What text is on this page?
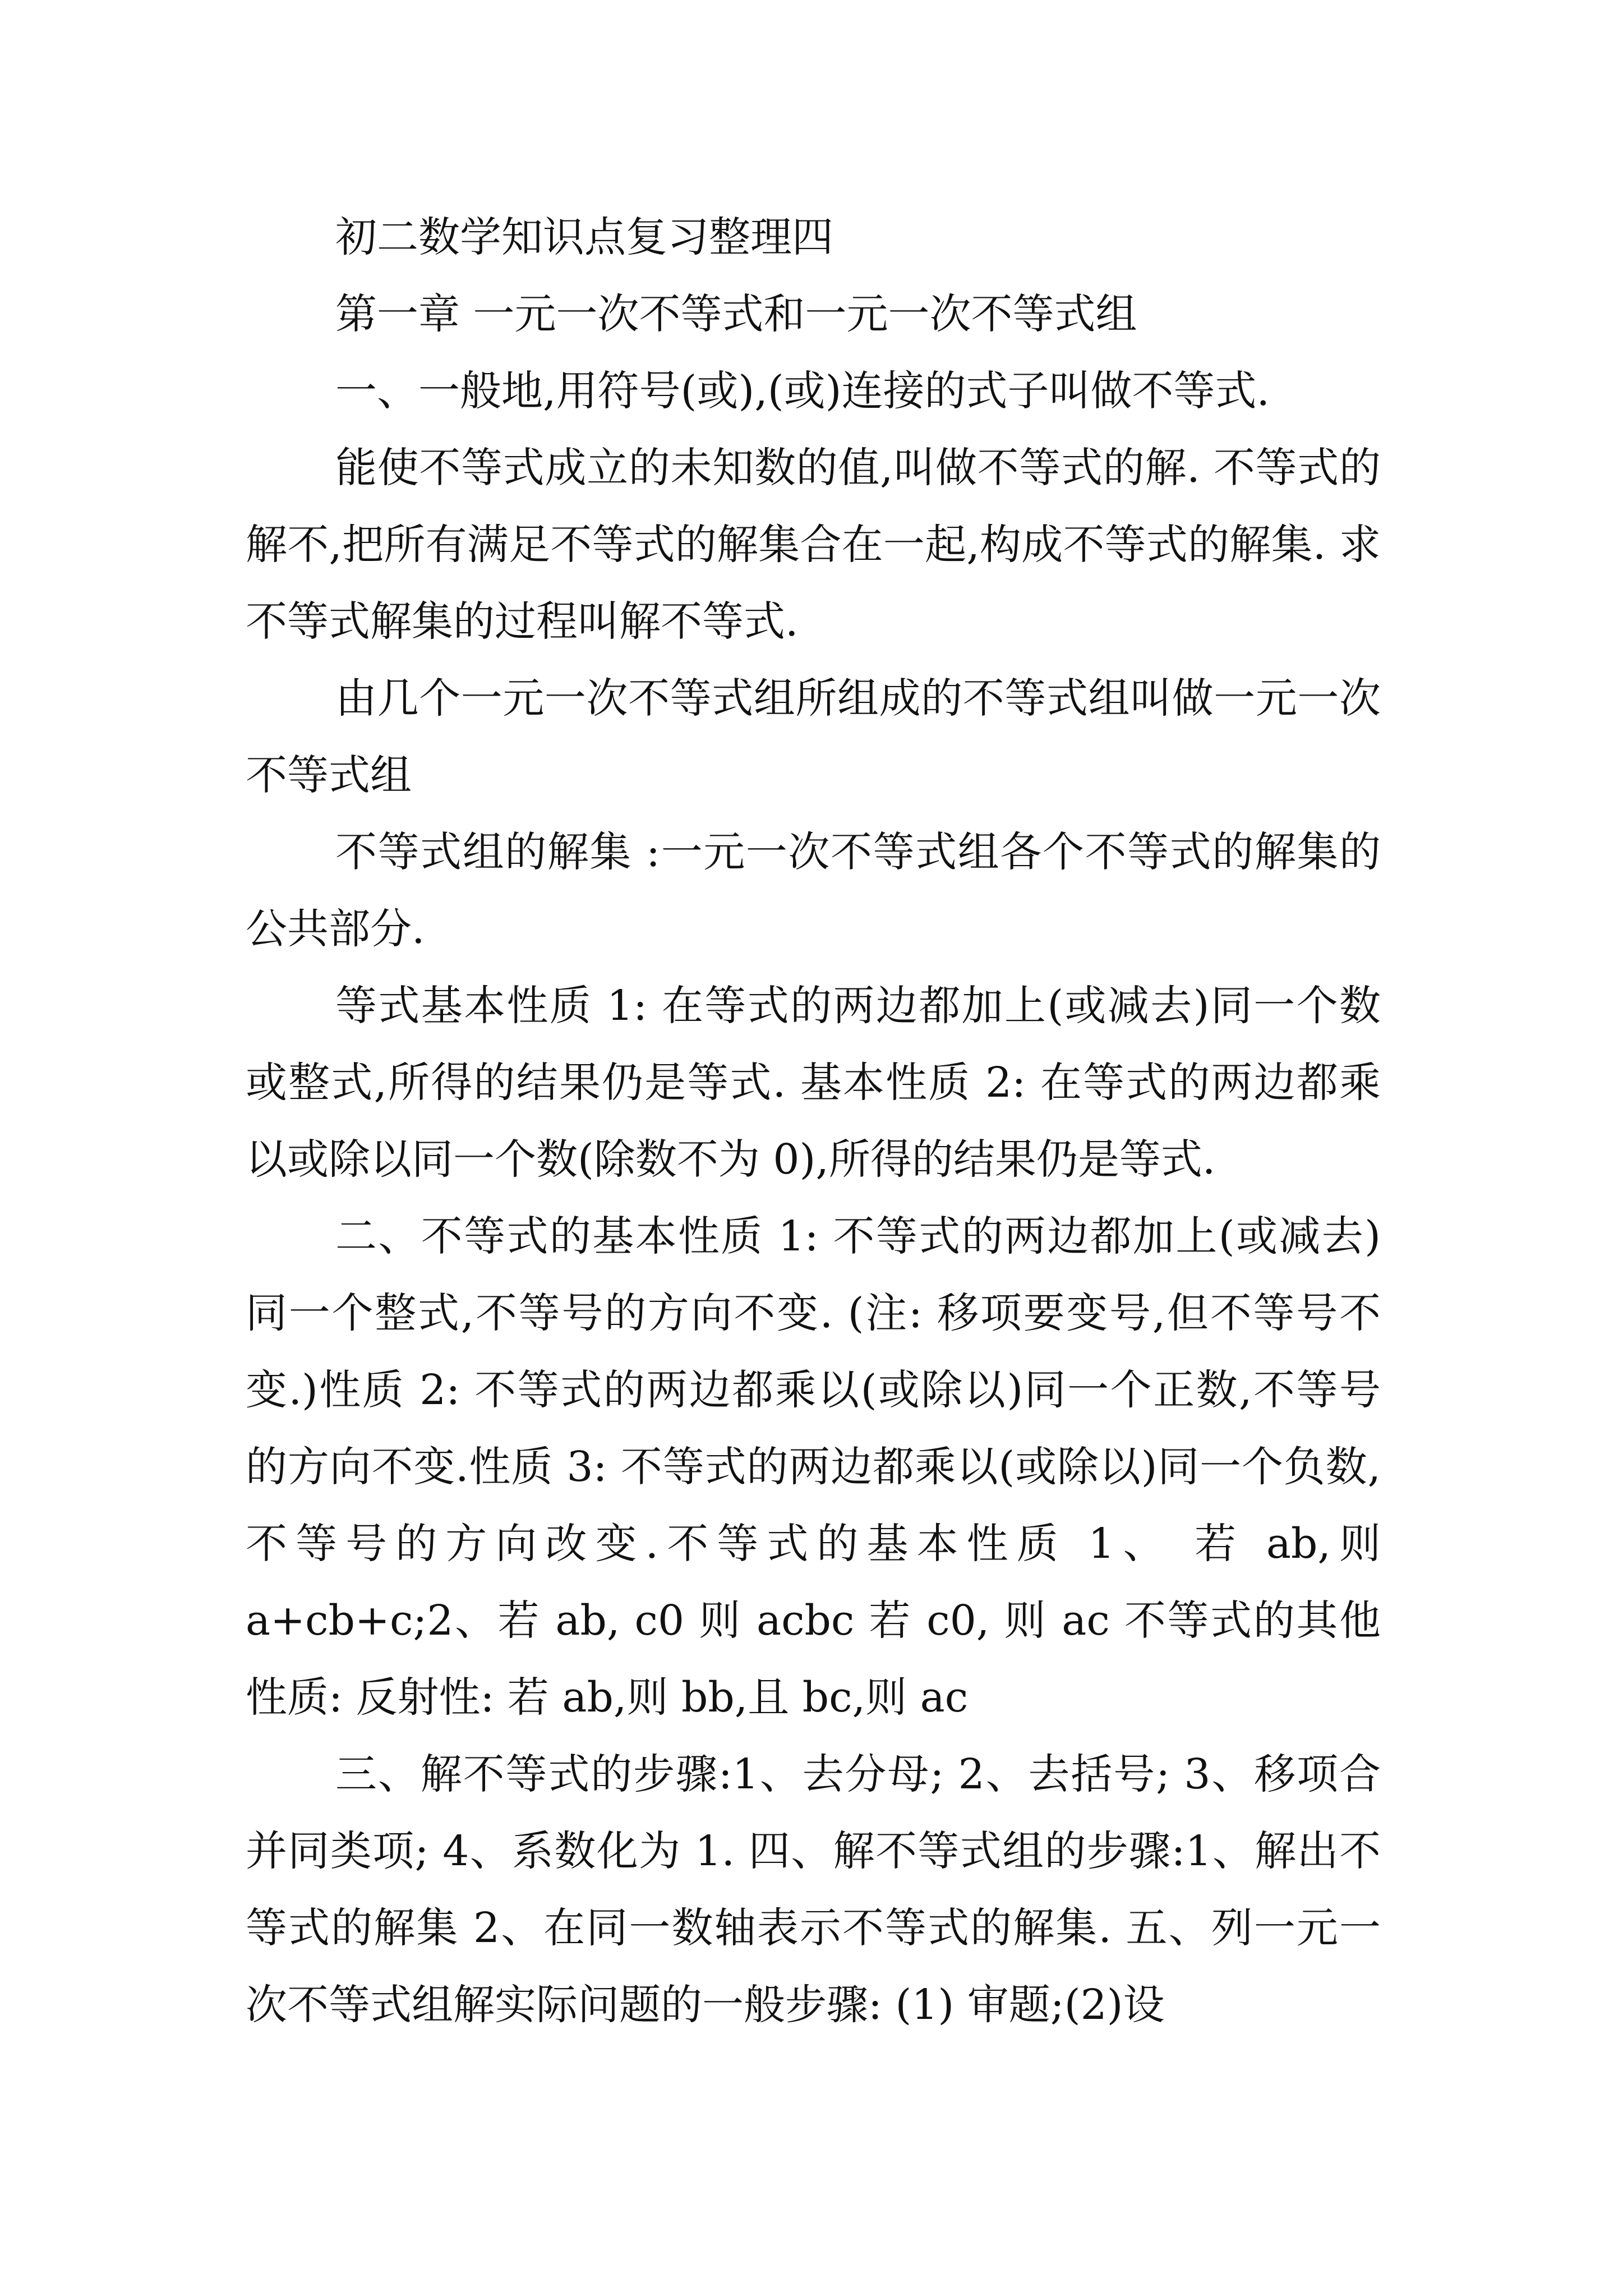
初二数学知识点复习整理四

第一章 一元一次不等式和一元一次不等式组

一、一般地,用符号(或),(或)连接的式子叫做不等式.

能使不等式成立的未知数的值,叫做不等式的解. 不等式的解不,把所有满足不等式的解集合在一起,构成不等式的解集. 求不等式解集的过程叫解不等式.

由几个一元一次不等式组所组成的不等式组叫做一元一次不等式组

不等式组的解集 :一元一次不等式组各个不等式的解集的公共部分.

等式基本性质 1: 在等式的两边都加上(或减去)同一个数或整式,所得的结果仍是等式. 基本性质 2: 在等式的两边都乘以或除以同一个数(除数不为 0),所得的结果仍是等式.

二、不等式的基本性质 1: 不等式的两边都加上(或减去)同一个整式,不等号的方向不变. (注: 移项要变号,但不等号不变.)性质 2: 不等式的两边都乘以(或除以)同一个正数,不等号的方向不变.性质 3: 不等式的两边都乘以(或除以)同一个负数,不等号的方向改变.不等式的基本性质 1、 若 ab,则 a+cb+c;2、若 ab, c0 则 acbc 若 c0, 则 ac 不等式的其他性质: 反射性: 若 ab,则 bb,且 bc,则 ac

三、解不等式的步骤:1、去分母; 2、去括号; 3、移项合并同类项; 4、系数化为 1. 四、解不等式组的步骤:1、解出不等式的解集 2、在同一数轴表示不等式的解集. 五、列一元一次不等式组解实际问题的一般步骤: (1) 审题;(2)设
